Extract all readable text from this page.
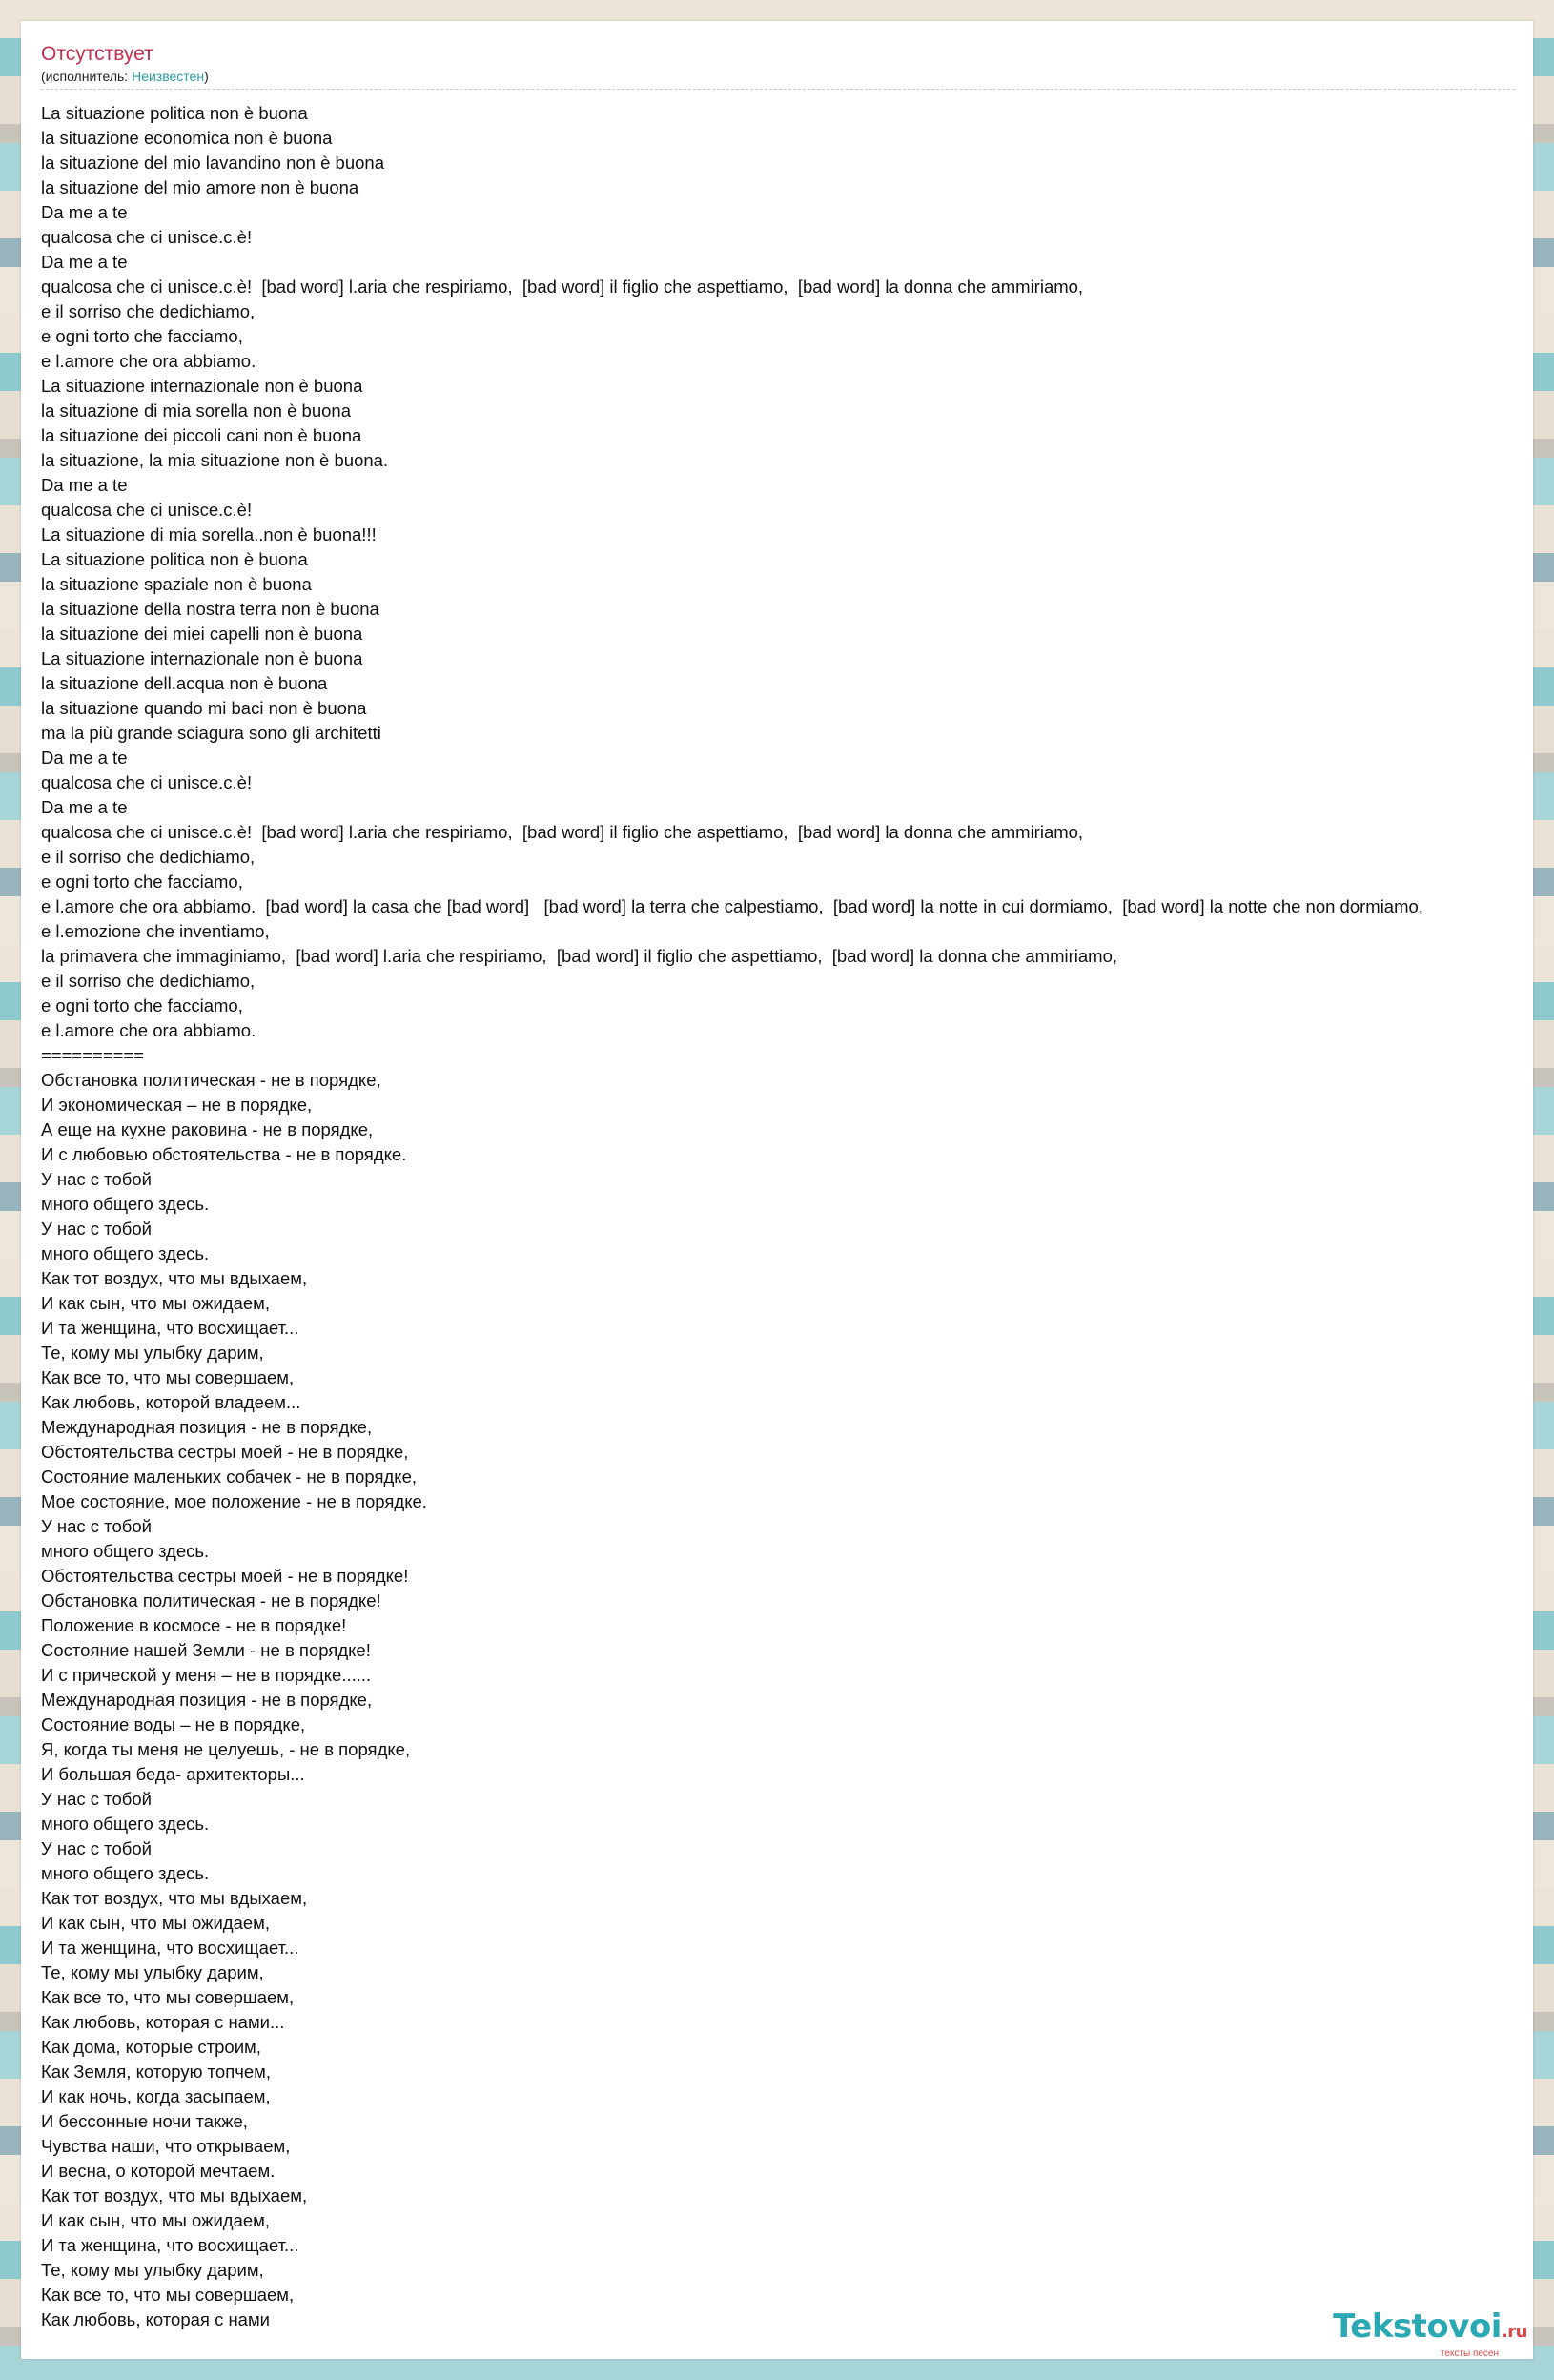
Отсутствует
(исполнитель: Неизвестен)
La situazione politica non è buona
la situazione economica non è buona
la situazione del mio lavandino non è buona
la situazione del mio amore non è buona
Da me a te
qualcosa che ci unisce.c.è!
Da me a te
qualcosa che ci unisce.c.è!  [bad word] l.aria che respiriamo,  [bad word] il figlio che aspettiamo,  [bad word] la donna che ammiriamo,
e il sorriso che dedichiamo,
e ogni torto che facciamo,
e l.amore che ora abbiamo.
La situazione internazionale non è buona
la situazione di mia sorella non è buona
la situazione dei piccoli cani non è buona
la situazione, la mia situazione non è buona.
Da me a te
qualcosa che ci unisce.c.è!
La situazione di mia sorella..non è buona!!!
La situazione politica non è buona
la situazione spaziale non è buona
la situazione della nostra terra non è buona
la situazione dei miei capelli non è buona
La situazione internazionale non è buona
la situazione dell.acqua non è buona
la situazione quando mi baci non è buona
ma la più grande sciagura sono gli architetti
Da me a te
qualcosa che ci unisce.c.è!
Da me a te
qualcosa che ci unisce.c.è!  [bad word] l.aria che respiriamo,  [bad word] il figlio che aspettiamo,  [bad word] la donna che ammiriamo,
e il sorriso che dedichiamo,
e ogni torto che facciamo,
e l.amore che ora abbiamo.  [bad word] la casa che [bad word]   [bad word] la terra che calpestiamo,  [bad word] la notte in cui dormiamo,  [bad word] la notte che non dormiamo,
e l.emozione che inventiamo,
la primavera che immaginiamo,  [bad word] l.aria che respiriamo,  [bad word] il figlio che aspettiamo,  [bad word] la donna che ammiriamo,
e il sorriso che dedichiamo,
e ogni torto che facciamo,
e l.amore che ora abbiamo.
==========
Обстановка политическая - не в порядке,
И экономическая – не в порядке,
А еще на кухне раковина - не в порядке,
И с любовью обстоятельства - не в порядке.
У нас с тобой
много общего здесь.
У нас с тобой
много общего здесь.
Как тот воздух, что мы вдыхаем,
И как сын, что мы ожидаем,
И та женщина, что восхищает...
Те, кому мы улыбку дарим,
Как все то, что мы совершаем,
Как любовь, которой владеем...
Международная позиция - не в порядке,
Обстоятельства сестры моей - не в порядке,
Состояние маленьких собачек - не в порядке,
Мое состояние, мое положение - не в порядке.
У нас с тобой
много общего здесь.
Обстоятельства сестры моей - не в порядке!
Обстановка политическая - не в порядке!
Положение в космосе - не в порядке!
Состояние нашей Земли - не в порядке!
И с прической у меня – не в порядке......
Международная позиция - не в порядке,
Состояние воды – не в порядке,
Я, когда ты меня не целуешь, - не в порядке,
И большая беда- архитекторы...
У нас с тобой
много общего здесь.
У нас с тобой
много общего здесь.
Как тот воздух, что мы вдыхаем,
И как сын, что мы ожидаем,
И та женщина, что восхищает...
Те, кому мы улыбку дарим,
Как все то, что мы совершаем,
Как любовь, которая с нами...
Как дома, которые строим,
Как Земля, которую топчем,
И как ночь, когда засыпаем,
И бессонные ночи также,
Чувства наши, что открываем,
И весна, о которой мечтаем.
Как тот воздух, что мы вдыхаем,
И как сын, что мы ожидаем,
И та женщина, что восхищает...
Те, кому мы улыбку дарим,
Как все то, что мы совершаем,
Как любовь, которая с нами	Tekstovoi.ru
тексты песен
